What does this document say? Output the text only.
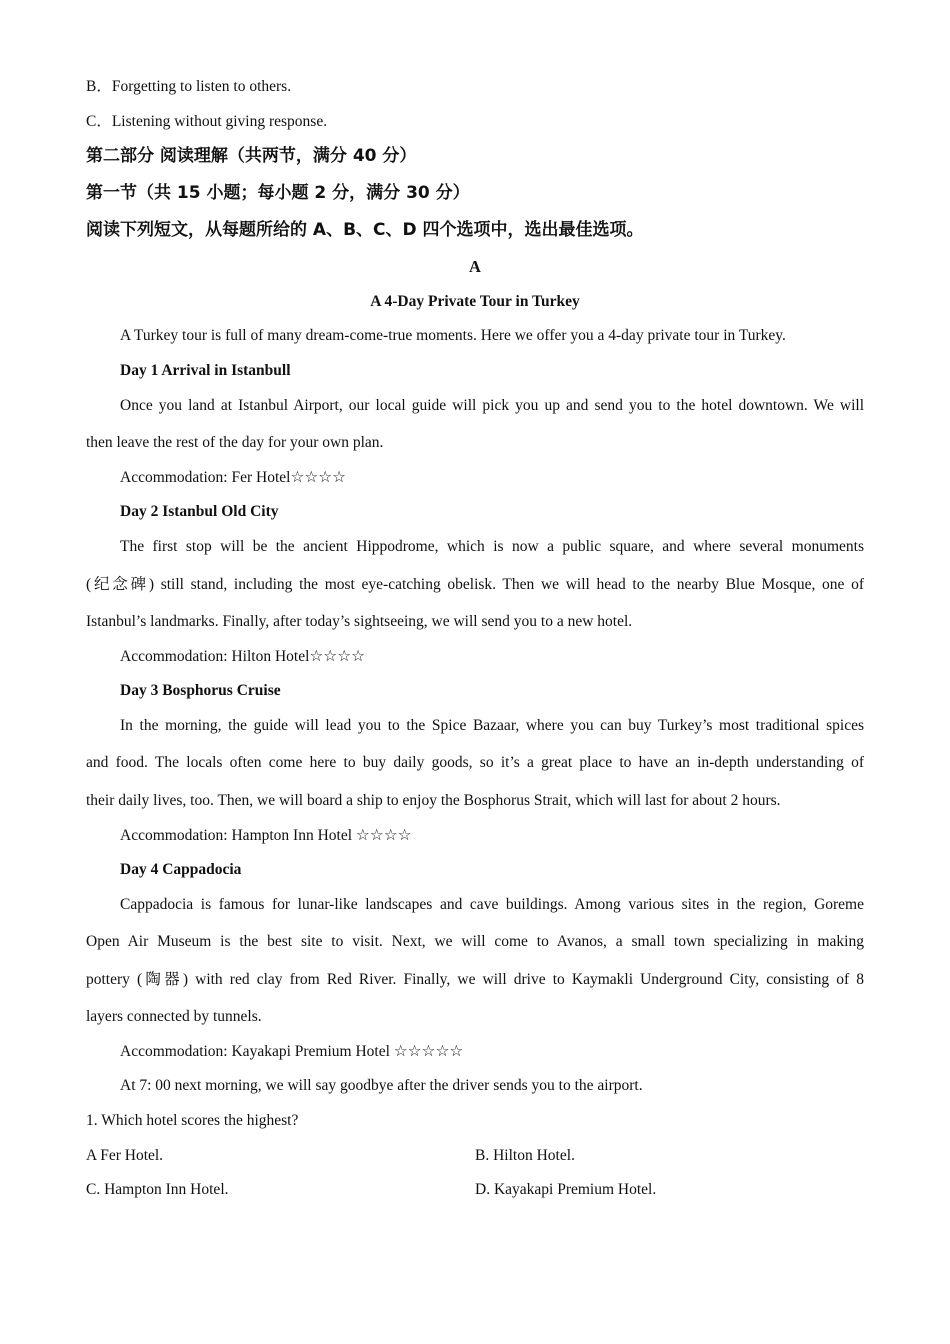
B．Forgetting to listen to others.
C．Listening without giving response.
第二部分 阅读理解（共两节，满分 40 分）
第一节（共 15 小题；每小题 2 分，满分 30 分）
阅读下列短文，从每题所给的 A、B、C、D 四个选项中，选出最佳选项。
A
A 4-Day Private Tour in Turkey
A Turkey tour is full of many dream-come-true moments. Here we offer you a 4-day private tour in Turkey.
Day 1 Arrival in Istanbull
Once you land at Istanbul Airport, our local guide will pick you up and send you to the hotel downtown. We will
then leave the rest of the day for your own plan.
Accommodation: Fer Hotel☆☆☆☆
Day 2 Istanbul Old City
The first stop will be the ancient Hippodrome, which is now a public square, and where several monuments
(纪念碑) still stand, including the most eye-catching obelisk. Then we will head to the nearby Blue Mosque, one of
Istanbul’s landmarks. Finally, after today’s sightseeing, we will send you to a new hotel.
Accommodation: Hilton Hotel☆☆☆☆
Day 3 Bosphorus Cruise
In the morning, the guide will lead you to the Spice Bazaar, where you can buy Turkey’s most traditional spices
and food. The locals often come here to buy daily goods, so it’s a great place to have an in-depth understanding of
their daily lives, too. Then, we will board a ship to enjoy the Bosphorus Strait, which will last for about 2 hours.
Accommodation: Hampton Inn Hotel ☆☆☆☆
Day 4 Cappadocia
Cappadocia is famous for lunar-like landscapes and cave buildings. Among various sites in the region, Goreme
Open Air Museum is the best site to visit. Next, we will come to Avanos, a small town specializing in making
pottery (陶器) with red clay from Red River. Finally, we will drive to Kaymakli Underground City, consisting of 8
layers connected by tunnels.
Accommodation: Kayakapi Premium Hotel ☆☆☆☆☆
At 7: 00 next morning, we will say goodbye after the driver sends you to the airport.
1. Which hotel scores the highest?
A Fer Hotel.	B. Hilton Hotel.
C. Hampton Inn Hotel.	D. Kayakapi Premium Hotel.
